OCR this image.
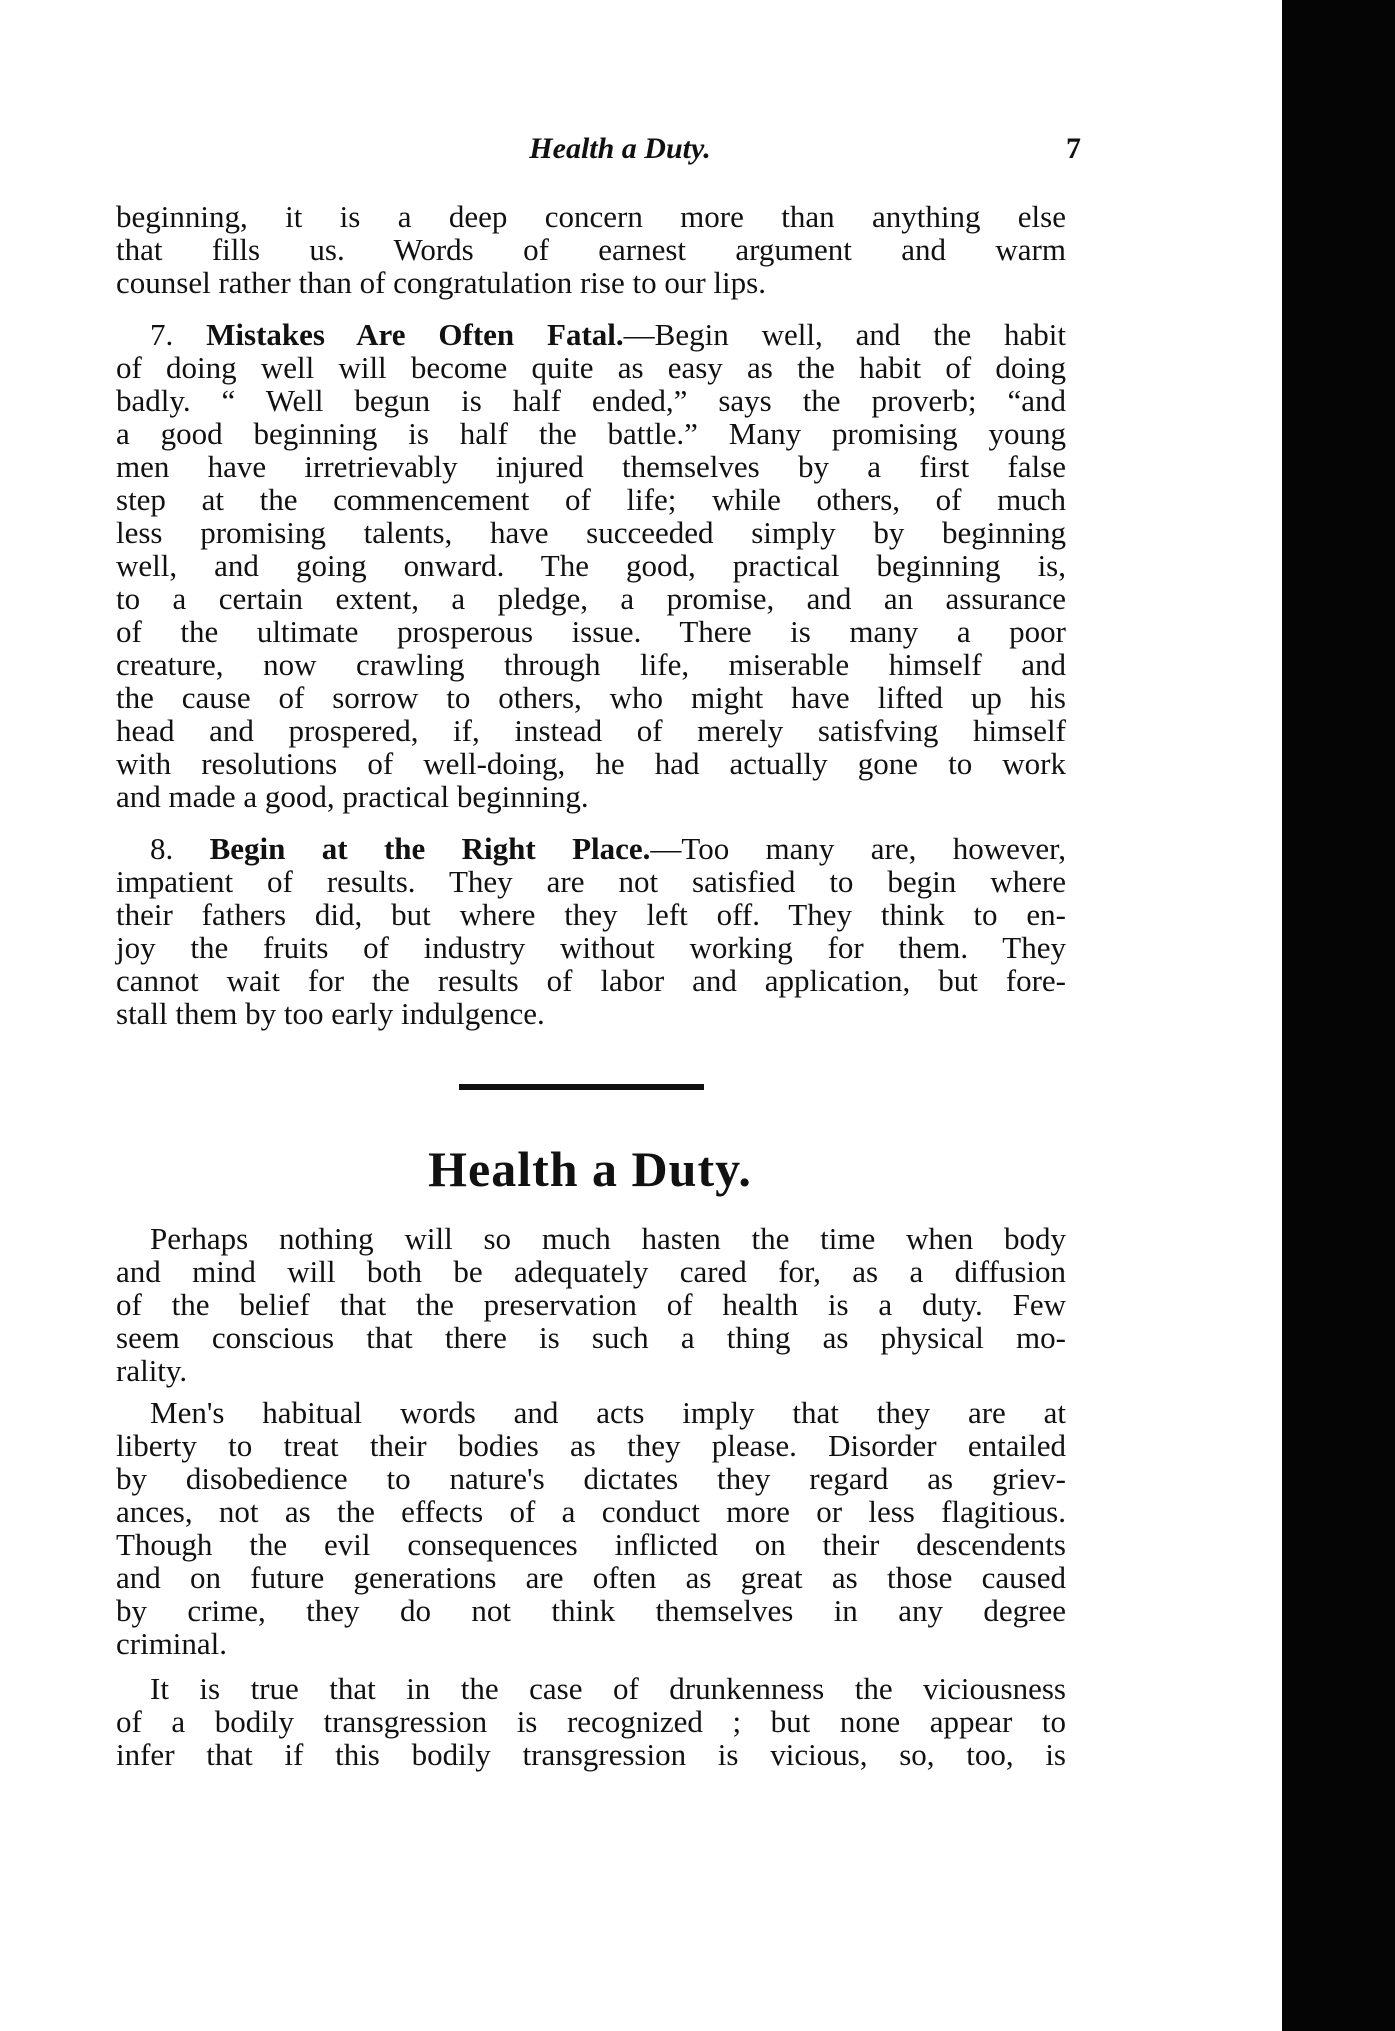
Health a Duty.	7
beginning, it is a deep concern more than anything else
that fills us. Words of earnest argument and warm
counsel rather than of congratulation rise to our lips.
7. Mistakes Are Often Fatal.—Begin well, and the habit
of doing well will become quite as easy as the habit of doing
badly. “ Well begun is half ended,” says the proverb; “and
a good beginning is half the battle.” Many promising young
men have irretrievably injured themselves by a first false
step at the commencement of life; while others, of much
less promising talents, have succeeded simply by beginning
well, and going onward. The good, practical beginning is,
to a certain extent, a pledge, a promise, and an assurance
of the ultimate prosperous issue. There is many a poor
creature, now crawling through life, miserable himself and
the cause of sorrow to others, who might have lifted up his
head and prospered, if, instead of merely satisfving himself
with resolutions of well-doing, he had actually gone to work
and made a good, practical beginning.
8. Begin at the Right Place.—Too many are, however,
impatient of results. They are not satisfied to begin where
their fathers did, but where they left off. They think to en-
joy the fruits of industry without working for them. They
cannot wait for the results of labor and application, but fore-
stall them by too early indulgence.
Health a Duty.
Perhaps nothing will so much hasten the time when body
and mind will both be adequately cared for, as a diffusion
of the belief that the preservation of health is a duty. Few
seem conscious that there is such a thing as physical mo-
rality.
Men's habitual words and acts imply that they are at
liberty to treat their bodies as they please. Disorder entailed
by disobedience to nature's dictates they regard as griev-
ances, not as the effects of a conduct more or less flagitious.
Though the evil consequences inflicted on their descendents
and on future generations are often as great as those caused
by crime, they do not think themselves in any degree
criminal.
It is true that in the case of drunkenness the viciousness
of a bodily transgression is recognized ; but none appear to
infer that if this bodily transgression is vicious, so, too, is
